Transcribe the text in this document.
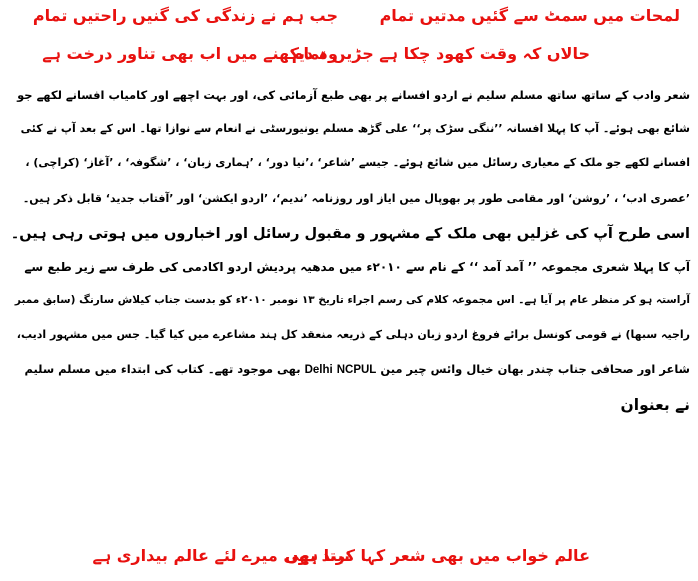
جب ہم نے زندگی کی گنیں راحتیں تمام	لمحات میں سمٹ سے گئیں مدتیں تمام
وہ دیکھنے میں اب بھی تناور درخت ہے
حالاں کہ وقت کھود چکا ہے جڑیں تمام
شعر وادب کے ساتھ ساتھ مسلم سلیم نے اردو افسانے پر بھی طبع آزمائی کی، اور بہت اچھے اور کامیاب افسانے لکھے جو
شائع بھی ہوئے۔ آپ کا پہلا افسانہ ’’ننگی سڑک پر‘‘ علی گڑھ مسلم یونیورسٹی نے انعام سے نوازا تھا۔ اس کے بعد آپ نے کئی
افسانے لکھے جو ملک کے معیاری رسائل میں شائع ہوئے۔ جیسے ’شاعر‘ ،’نیا دور‘ ، ’ہماری زبان‘ ، ’شگوفہ‘ ، ’آغاز‘ (کراچی) ،
’عصری ادب‘ ، ’روشن‘ اور مقامی طور پر بھوپال میں ایاز اور روزنامہ ’ندیم‘، ’اردو ایکشن‘ اور ’آفتاب جدید‘ قابل ذکر ہیں۔
اسی طرح آپ کی غزلیں بھی ملک کے مشہور و مقبول رسائل اور اخباروں میں ہوتی رہی ہیں۔
آپ کا پہلا شعری مجموعہ ’’ آمد آمد ‘‘ کے نام سے ۲۰۱۰ء میں مدھیہ پردیش اردو اکادمی کی طرف سے زیر طبع سے
آراستہ ہو کر منظر عام پر آیا ہے۔ اس مجموعہ کلام کی رسم اجراء تاریخ ۱۳ نومبر ۲۰۱۰ء کو بدست جناب کیلاش سارنگ (سابق ممبر
راجیہ سبھا) نے قومی کونسل برائے فروغ اردو زبان دہلی کے ذریعہ منعقد کل ہند مشاعرے میں کیا گیا۔ جس میں مشہور ادیب،
شاعر اور صحافی جناب چندر بھان خیال وائس چیر مین NCPUL Delhi بھی موجود تھے۔ کتاب کی ابتداء میں مسلم سلیم
نے بعنوان
نیند بھی میرے لئے عالم بیداری ہے
عالم خواب میں بھی شعر کہا کرتا ہوں
